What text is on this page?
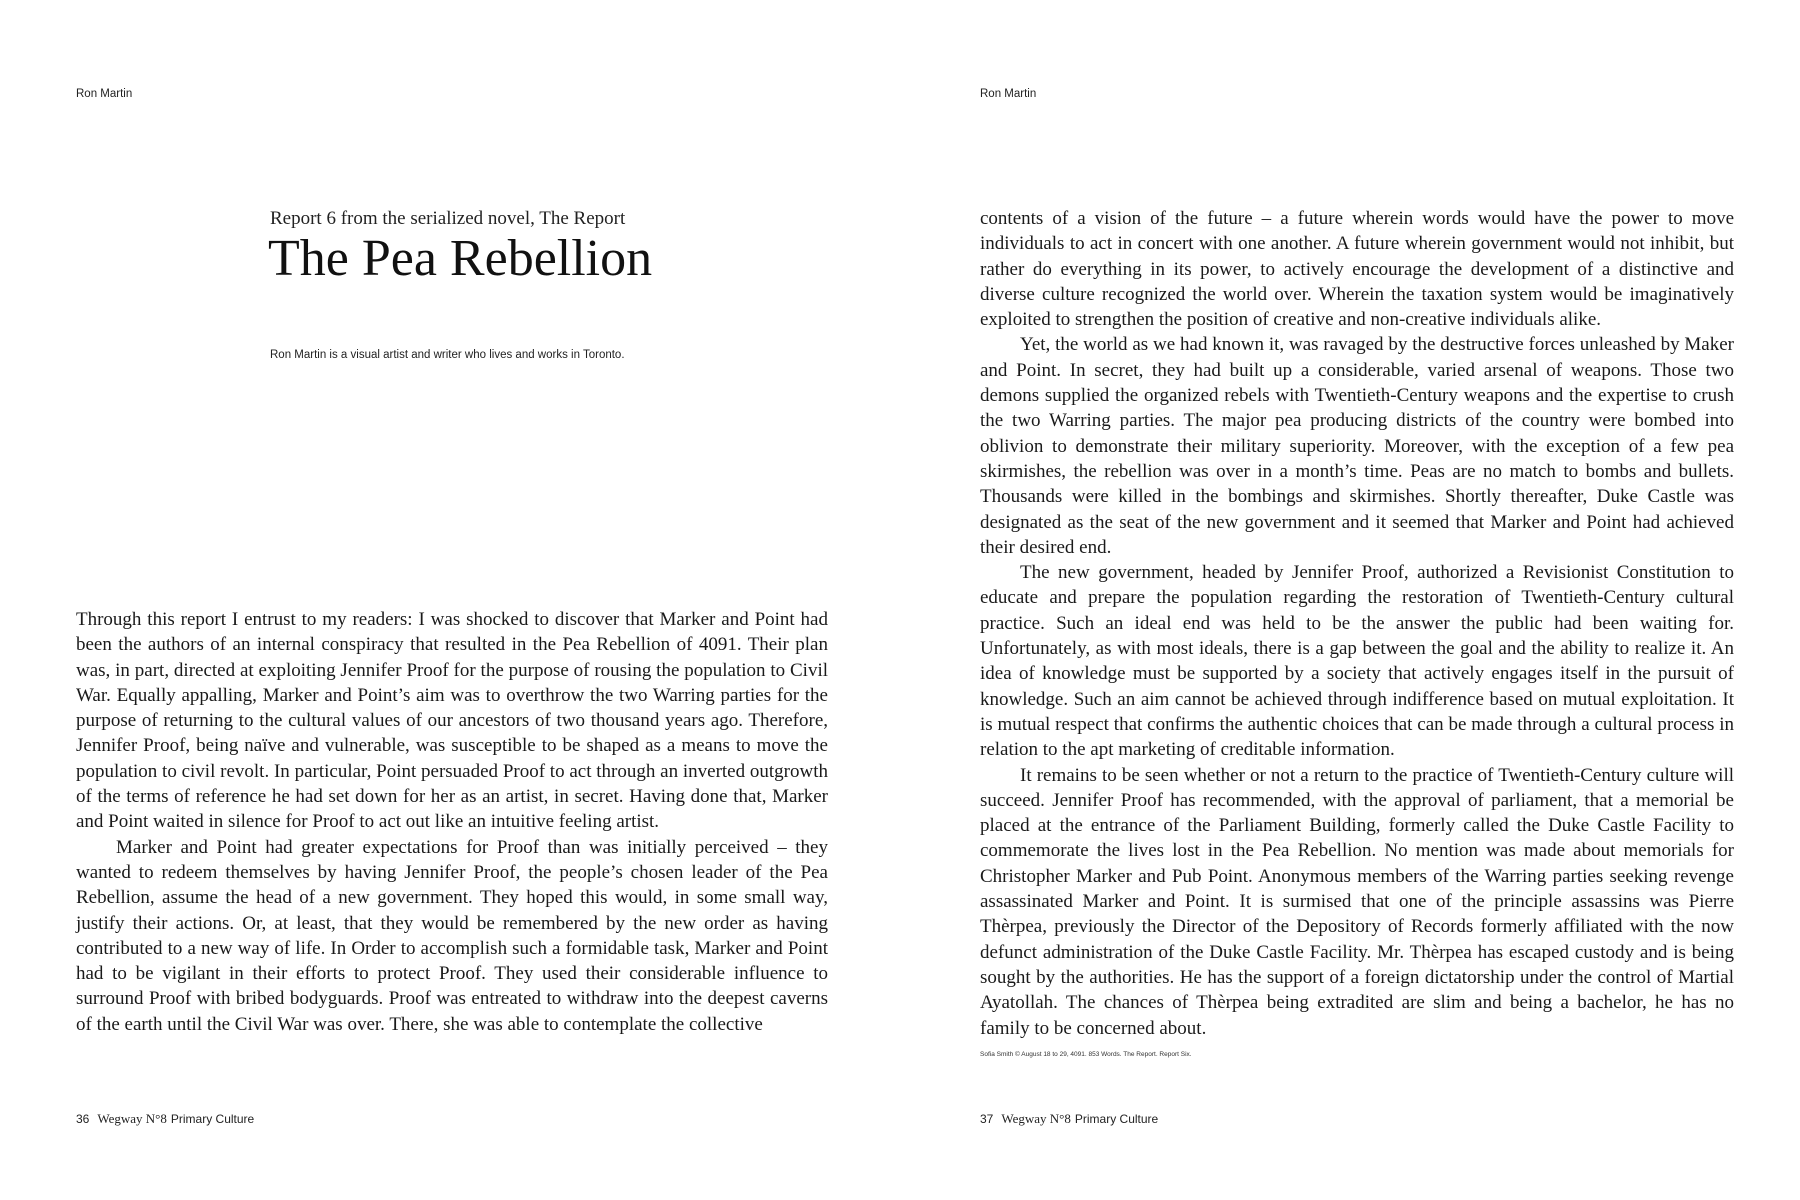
Ron Martin
Report 6 from the serialized novel, The Report
The Pea Rebellion
Ron Martin is a visual artist and writer who lives and works in Toronto.

Through this report I entrust to my readers: I was shocked to discover that Marker and Point had been the authors of an internal conspiracy that resulted in the Pea Rebellion of 4091. Their plan was, in part, directed at exploiting Jennifer Proof for the purpose of rousing the population to Civil War. Equally appalling, Marker and Point’s aim was to overthrow the two Warring parties for the purpose of returning to the cultural values of our ancestors of two thousand years ago. Therefore, Jennifer Proof, being naïve and vulnerable, was susceptible to be shaped as a means to move the population to civil revolt. In particular, Point persuaded Proof to act through an inverted outgrowth of the terms of reference he had set down for her as an artist, in secret. Having done that, Marker and Point waited in silence for Proof to act out like an intuitive feeling artist.

Marker and Point had greater expectations for Proof than was initially perceived – they wanted to redeem themselves by having Jennifer Proof, the people’s chosen leader of the Pea Rebellion, assume the head of a new government. They hoped this would, in some small way, justify their actions. Or, at least, that they would be remembered by the new order as having contributed to a new way of life. In Order to accomplish such a formidable task, Marker and Point had to be vigilant in their efforts to protect Proof. They used their considerable influence to surround Proof with bribed bodyguards. Proof was entreated to withdraw into the deepest caverns of the earth until the Civil War was over. There, she was able to contemplate the collective

36 Wegway N°8 Primary Culture
Ron Martin

contents of a vision of the future – a future wherein words would have the power to move individuals to act in concert with one another. A future wherein government would not inhibit, but rather do everything in its power, to actively encourage the development of a distinctive and diverse culture recognized the world over. Wherein the taxation system would be imaginatively exploited to strengthen the position of creative and non-creative individuals alike.

Yet, the world as we had known it, was ravaged by the destructive forces unleashed by Maker and Point. In secret, they had built up a considerable, varied arsenal of weapons. Those two demons supplied the organized rebels with Twentieth-Century weapons and the expertise to crush the two Warring parties. The major pea producing districts of the country were bombed into oblivion to demonstrate their military superiority. Moreover, with the exception of a few pea skirmishes, the rebellion was over in a month’s time. Peas are no match to bombs and bullets. Thousands were killed in the bombings and skirmishes. Shortly thereafter, Duke Castle was designated as the seat of the new government and it seemed that Marker and Point had achieved their desired end.

The new government, headed by Jennifer Proof, authorized a Revisionist Constitution to educate and prepare the population regarding the restoration of Twentieth-Century cultural practice. Such an ideal end was held to be the answer the public had been waiting for. Unfortunately, as with most ideals, there is a gap between the goal and the ability to realize it. An idea of knowledge must be supported by a society that actively engages itself in the pursuit of knowledge. Such an aim cannot be achieved through indifference based on mutual exploitation. It is mutual respect that confirms the authentic choices that can be made through a cultural process in relation to the apt marketing of creditable information.

It remains to be seen whether or not a return to the practice of Twentieth-Century culture will succeed. Jennifer Proof has recommended, with the approval of parliament, that a memorial be placed at the entrance of the Parliament Building, formerly called the Duke Castle Facility to commemorate the lives lost in the Pea Rebellion. No mention was made about memorials for Christopher Marker and Pub Point. Anonymous members of the Warring parties seeking revenge assassinated Marker and Point. It is surmised that one of the principle assassins was Pierre Thèrpea, previously the Director of the Depository of Records formerly affiliated with the now defunct administration of the Duke Castle Facility. Mr. Thèrpea has escaped custody and is being sought by the authorities. He has the support of a foreign dictatorship under the control of Martial Ayatollah. The chances of Thèrpea being extradited are slim and being a bachelor, he has no family to be concerned about.

Sofia Smith © August 18 to 29, 4091. 853 Words. The Report. Report Six.
37 Wegway N°8 Primary Culture
